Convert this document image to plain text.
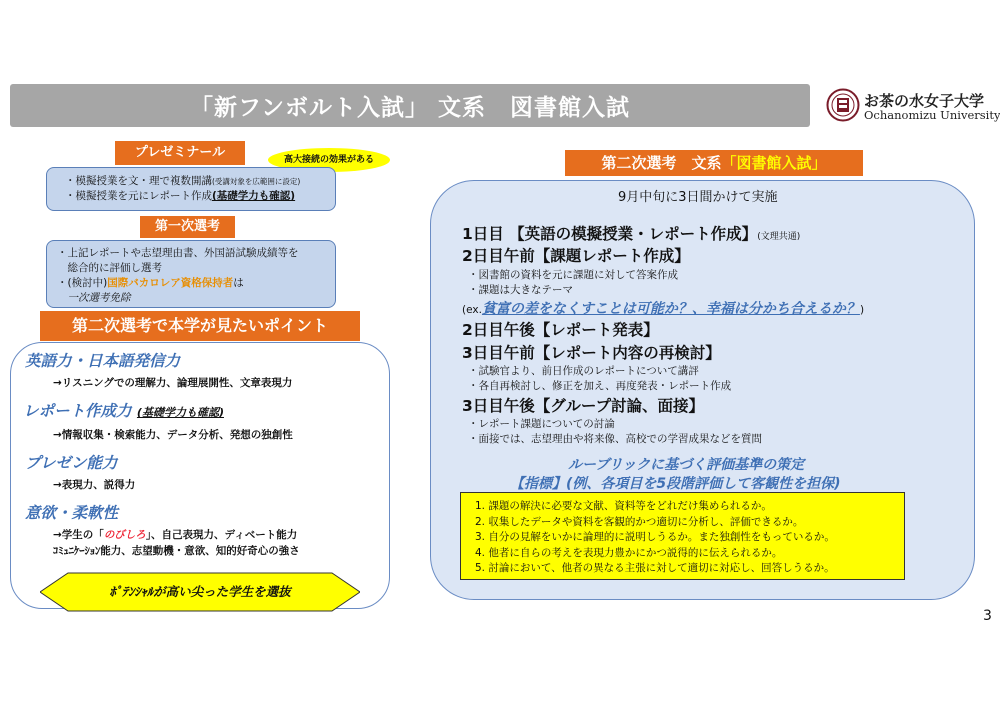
「新フンボルト入試」 文系　図書館入試	お茶の水女子大学
Ochanomizu University
プレゼミナール	高大接続の効果がある
・模擬授業を文・理で複数開講(受講対象を広範囲に設定)
・模擬授業を元にレポート作成(基礎学力も確認)
第一次選考
・上記レポートや志望理由書、外国語試験成績等を
　総合的に評価し選考
・(検討中)国際バカロレア資格保持者は
　一次選考免除
第二次選考で本学が見たいポイント
英語力・日本語発信力
→リスニングでの理解力、論理展開性、文章表現力
レポート作成力 (基礎学力も確認)
→情報収集・検索能力、データ分析、発想の独創性
プレゼン能力
→表現力、説得力
意欲・柔軟性
→学生の「のびしろ」、自己表現力、ディベート能力
ｺﾐｭﾆｹｰｼｮﾝ能力、志望動機・意欲、知的好奇心の強さ
ﾎﾟﾃﾝｼｬﾙが高い尖った学生を選抜
第二次選考　文系「図書館入試」
9月中旬に3日間かけて実施
1日目 【英語の模擬授業・レポート作成】(文理共通)
2日目午前【課題レポート作成】
・図書館の資料を元に課題に対して答案作成
・課題は大きなテーマ
(ex.貧富の差をなくすことは可能か？、幸福は分かち合えるか？)
2日目午後【レポート発表】
3日目午前【レポート内容の再検討】
・試験官より、前日作成のレポートについて講評
・各自再検討し、修正を加え、再度発表・レポート作成
3日目午後【グループ討論、面接】
・レポート課題についての討論
・面接では、志望理由や将来像、高校での学習成果などを質問
ルーブリックに基づく評価基準の策定
【指標】(例、各項目を5段階評価して客観性を担保)
1. 課題の解決に必要な文献、資料等をどれだけ集められるか。
2. 収集したデータや資料を客観的かつ適切に分析し、評価できるか。
3. 自分の見解をいかに論理的に説明しうるか。また独創性をもっているか。
4. 他者に自らの考えを表現力豊かにかつ説得的に伝えられるか。
5. 討論において、他者の異なる主張に対して適切に対応し、回答しうるか。
3
